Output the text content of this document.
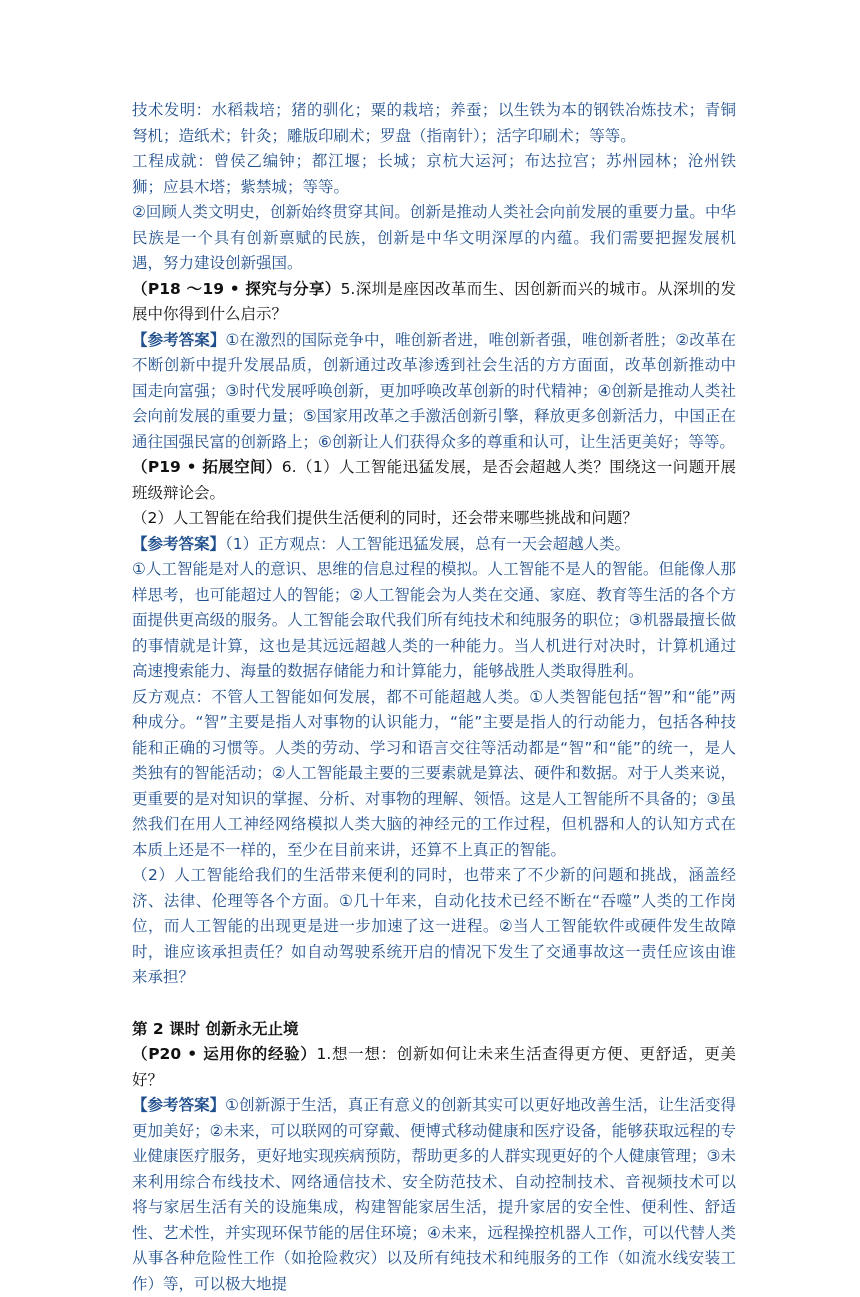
技术发明：水稻栽培；猪的驯化；粟的栽培；养蚕；以生铁为本的钢铁冶炼技术；青铜弩机；造纸术；针灸；雕版印刷术；罗盘（指南针）；活字印刷术；等等。

工程成就：曾侯乙编钟；都江堰；长城；京杭大运河；布达拉宫；苏州园林；沧州铁狮；应县木塔；紫禁城；等等。

②回顾人类文明史，创新始终贯穿其间。创新是推动人类社会向前发展的重要力量。中华民族是一个具有创新禀赋的民族，创新是中华文明深厚的内蕴。我们需要把握发展机遇，努力建设创新强国。

（P18 ～19 • 探究与分享）5.深圳是座因改革而生、因创新而兴的城市。从深圳的发展中你得到什么启示？

【参考答案】①在激烈的国际竞争中，唯创新者进，唯创新者强，唯创新者胜；②改革在不断创新中提升发展品质，创新通过改革渗透到社会生活的方方面面，改革创新推动中国走向富强；③时代发展呼唤创新，更加呼唤改革创新的时代精神；④创新是推动人类社会向前发展的重要力量；⑤国家用改革之手激活创新引擎，释放更多创新活力，中国正在通往国强民富的创新路上；⑥创新让人们获得众多的尊重和认可，让生活更美好；等等。

（P19 • 拓展空间）6.（1）人工智能迅猛发展，是否会超越人类？围绕这一问题开展班级辩论会。

（2）人工智能在给我们提供生活便利的同时，还会带来哪些挑战和问题？

【参考答案】（1）正方观点：人工智能迅猛发展，总有一天会超越人类。

①人工智能是对人的意识、思维的信息过程的模拟。人工智能不是人的智能。但能像人那样思考，也可能超过人的智能；②人工智能会为人类在交通、家庭、教育等生活的各个方面提供更高级的服务。人工智能会取代我们所有纯技术和纯服务的职位；③机器最擅长做的事情就是计算，这也是其远远超越人类的一种能力。当人机进行对决时，计算机通过高速搜索能力、海量的数据存储能力和计算能力，能够战胜人类取得胜利。

反方观点：不管人工智能如何发展，都不可能超越人类。①人类智能包括“智”和“能”两种成分。“智”主要是指人对事物的认识能力，“能”主要是指人的行动能力，包括各种技能和正确的习惯等。人类的劳动、学习和语言交往等活动都是“智”和“能”的统一，是人类独有的智能活动；②人工智能最主要的三要素就是算法、硬件和数据。对于人类来说，更重要的是对知识的掌握、分析、对事物的理解、领悟。这是人工智能所不具备的；③虽然我们在用人工神经网络模拟人类大脑的神经元的工作过程，但机器和人的认知方式在本质上还是不一样的，至少在目前来讲，还算不上真正的智能。

（2）人工智能给我们的生活带来便利的同时，也带来了不少新的问题和挑战，涵盖经济、法律、伦理等各个方面。①几十年来，自动化技术已经不断在“吞噬”人类的工作岗位，而人工智能的出现更是进一步加速了这一进程。②当人工智能软件或硬件发生故障时，谁应该承担责任？如自动驾驶系统开启的情况下发生了交通事故这一责任应该由谁来承担？

第 2 课时 创新永无止境

（P20 • 运用你的经验）1.想一想：创新如何让未来生活查得更方便、更舒适，更美好？

【参考答案】①创新源于生活，真正有意义的创新其实可以更好地改善生活，让生活变得更加美好；②未来，可以联网的可穿戴、便博式移动健康和医疗设备，能够获取远程的专业健康医疗服务，更好地实现疾病预防，帮助更多的人群实现更好的个人健康管理；③未来利用综合布线技术、网络通信技术、安全防范技术、自动控制技术、音视频技术可以将与家居生活有关的设施集成，构建智能家居生活，提升家居的安全性、便利性、舒适性、艺术性，并实现环保节能的居住环境；④未来，远程操控机器人工作，可以代替人类从事各种危险性工作（如抢险救灾）以及所有纯技术和纯服务的工作（如流水线安装工作）等，可以极大地提
